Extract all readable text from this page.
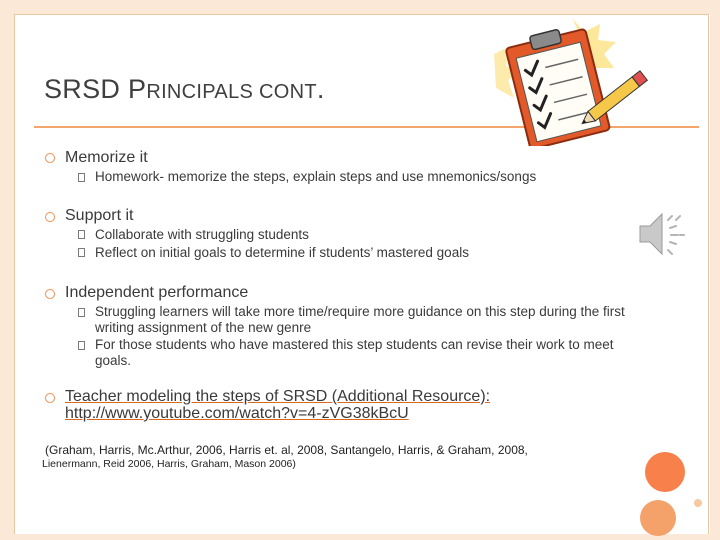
SRSD PRINCIPALS CONT.

Memorize it

Homework- memorize the steps, explain steps and use mnemonics/songs

Support it

Collaborate with struggling students

Reflect on initial goals to determine if students’ mastered goals

Independent performance

Struggling learners will take more time/require more guidance on this step during the first writing assignment of the new genre

For those students who have mastered this step students can revise their work to meet goals.

Teacher modeling the steps of SRSD (Additional Resource):

http://www.youtube.com/watch?v=4-zVG38kBcU

(Graham, Harris, Mc.Arthur, 2006, Harris et. al, 2008, Santangelo, Harris, & Graham, 2008,

Lienermann, Reid 2006, Harris, Graham, Mason 2006)
